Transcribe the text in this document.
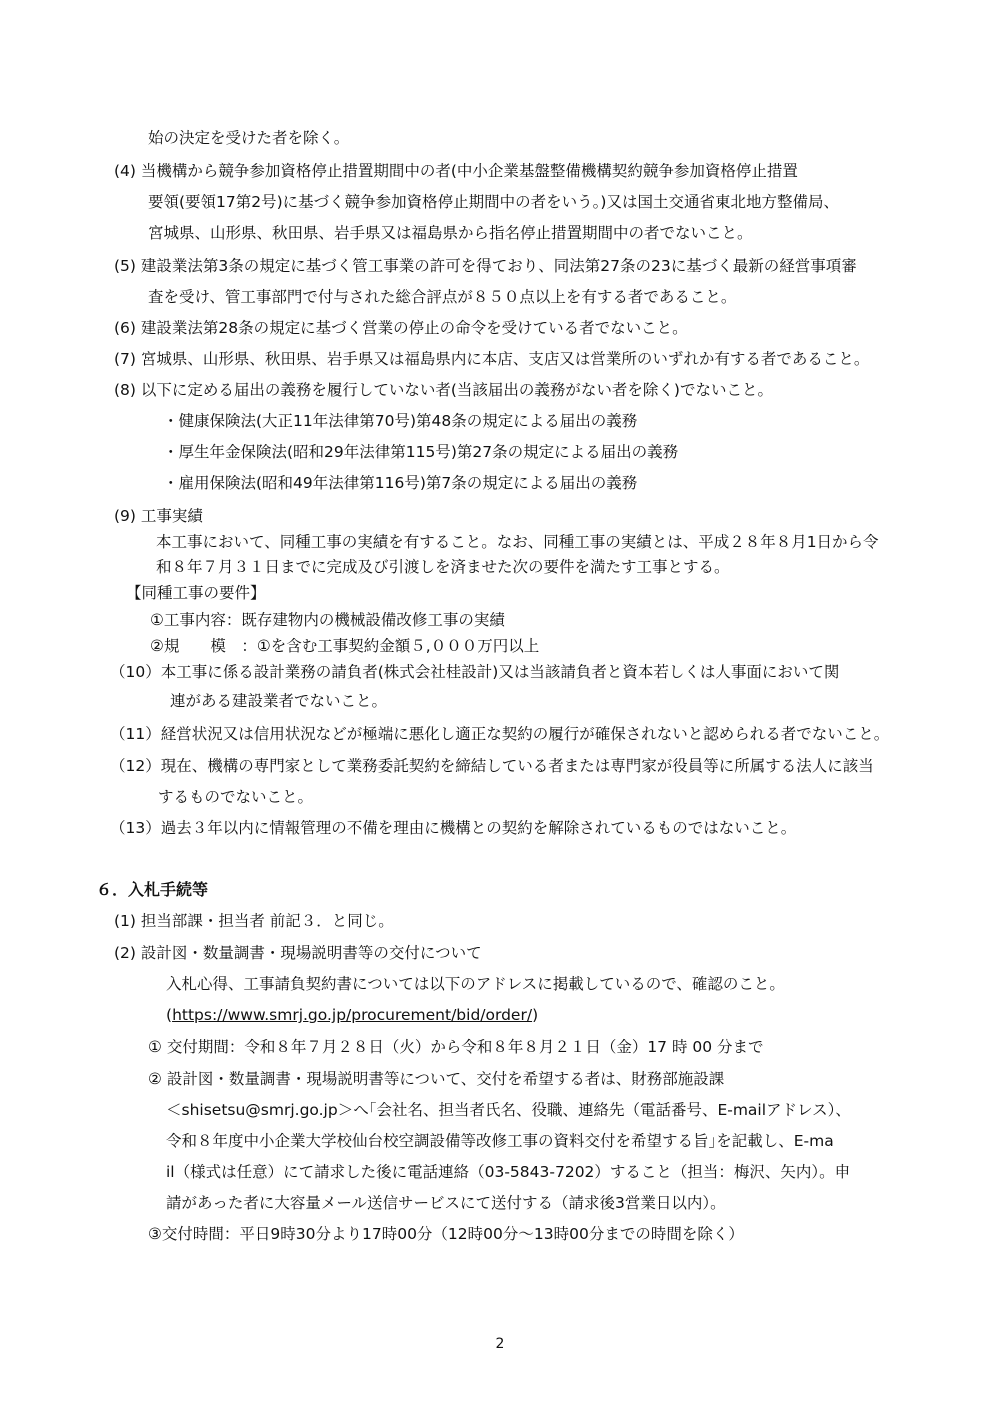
始の決定を受けた者を除く。
(4) 当機構から競争参加資格停止措置期間中の者(中小企業基盤整備機構契約競争参加資格停止措置
要領(要領17第2号)に基づく競争参加資格停止期間中の者をいう。)又は国土交通省東北地方整備局、
宮城県、山形県、秋田県、岩手県又は福島県から指名停止措置期間中の者でないこと。
(5) 建設業法第3条の規定に基づく管工事業の許可を得ており、同法第27条の23に基づく最新の経営事項審
査を受け、管工事部門で付与された総合評点が８５０点以上を有する者であること。
(6) 建設業法第28条の規定に基づく営業の停止の命令を受けている者でないこと。
(7) 宮城県、山形県、秋田県、岩手県又は福島県内に本店、支店又は営業所のいずれか有する者であること。
(8) 以下に定める届出の義務を履行していない者(当該届出の義務がない者を除く)でないこと。
・健康保険法(大正11年法律第70号)第48条の規定による届出の義務
・厚生年金保険法(昭和29年法律第115号)第27条の規定による届出の義務
・雇用保険法(昭和49年法律第116号)第7条の規定による届出の義務
(9) 工事実績
本工事において、同種工事の実績を有すること。なお、同種工事の実績とは、平成２８年８月1日から令
和８年７月３１日までに完成及び引渡しを済ませた次の要件を満たす工事とする。
【同種工事の要件】
①工事内容：既存建物内の機械設備改修工事の実績
②規　　模　：①を含む工事契約金額５,０００万円以上
（10）本工事に係る設計業務の請負者(株式会社桂設計)又は当該請負者と資本若しくは人事面において関
連がある建設業者でないこと。
（11）経営状況又は信用状況などが極端に悪化し適正な契約の履行が確保されないと認められる者でないこと。
（12）現在、機構の専門家として業務委託契約を締結している者または専門家が役員等に所属する法人に該当
するものでないこと。
（13）過去３年以内に情報管理の不備を理由に機構との契約を解除されているものではないこと。
６．入札手続等
(1) 担当部課・担当者 前記３．と同じ。
(2) 設計図・数量調書・現場説明書等の交付について
入札心得、工事請負契約書については以下のアドレスに掲載しているので、確認のこと。
(https://www.smrj.go.jp/procurement/bid/order/)
① 交付期間：令和８年７月２８日（火）から令和８年８月２１日（金）17 時 00 分まで
② 設計図・数量調書・現場説明書等について、交付を希望する者は、財務部施設課
＜shisetsu@smrj.go.jp＞へ｢会社名、担当者氏名、役職、連絡先（電話番号、E-mailアドレス）、
令和８年度中小企業大学校仙台校空調設備等改修工事の資料交付を希望する旨｣を記載し、E-ma
il（様式は任意）にて請求した後に電話連絡（03-5843-7202）すること（担当：梅沢、矢内）。申
請があった者に大容量メール送信サービスにて送付する（請求後3営業日以内）。
③交付時間：平日9時30分より17時00分（12時00分～13時00分までの時間を除く）
2
